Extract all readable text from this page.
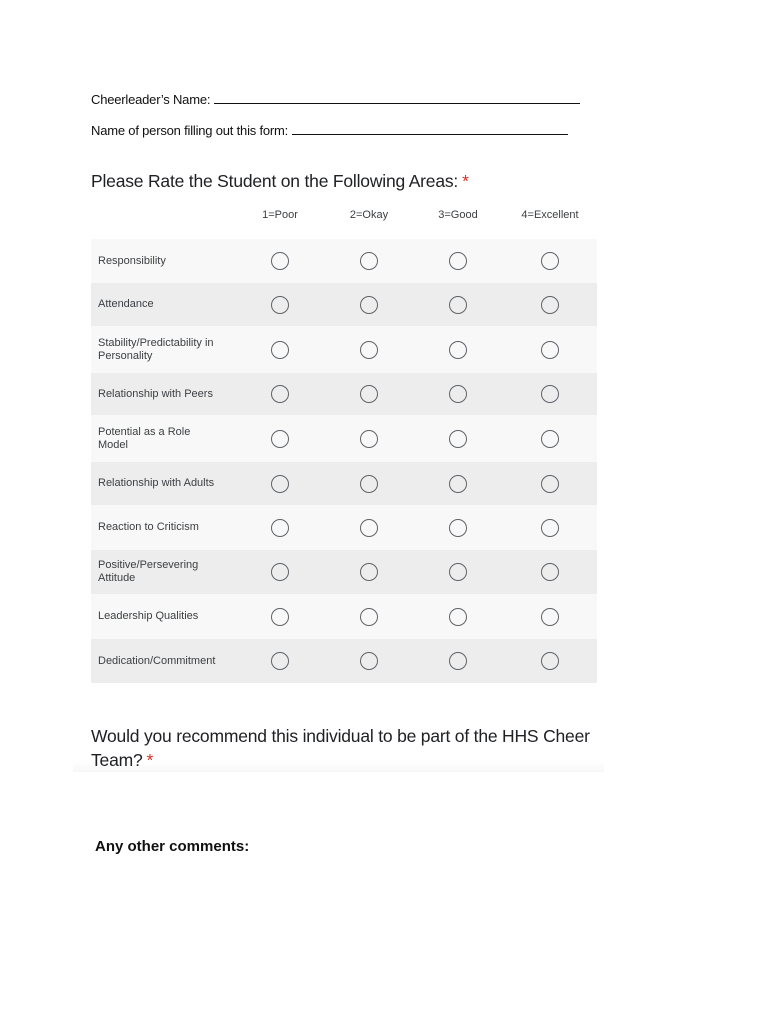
Cheerleader’s Name:
Name of person filling out this form:
Please Rate the Student on the Following Areas: *
1=Poor	2=Okay	3=Good	4=Excellent
Responsibility
Attendance
Stability/Predictability in Personality
Relationship with Peers
Potential as a Role Model
Relationship with Adults
Reaction to Criticism
Positive/Persevering Attitude
Leadership Qualities
Dedication/Commitment
Would you recommend this individual to be part of the HHS Cheer Team? *
Any other comments:
